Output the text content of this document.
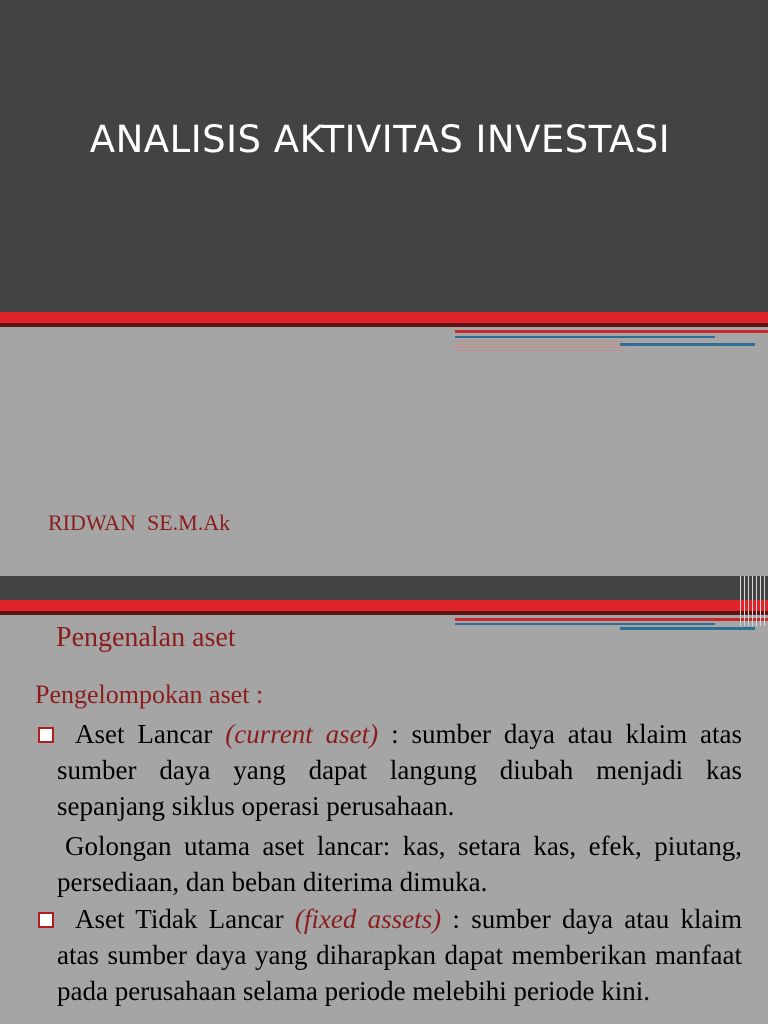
ANALISIS AKTIVITAS INVESTASI
RIDWAN  SE.M.Ak
Pengenalan aset
Pengelompokan aset :
Aset Lancar (current aset) : sumber daya atau klaim atas sumber daya yang dapat langung diubah menjadi kas sepanjang siklus operasi perusahaan.
Golongan utama aset lancar: kas, setara kas, efek, piutang, persediaan, dan beban diterima dimuka.
Aset Tidak Lancar (fixed assets) : sumber daya atau klaim atas sumber daya yang diharapkan dapat memberikan manfaat pada perusahaan selama periode melebihi periode kini.
